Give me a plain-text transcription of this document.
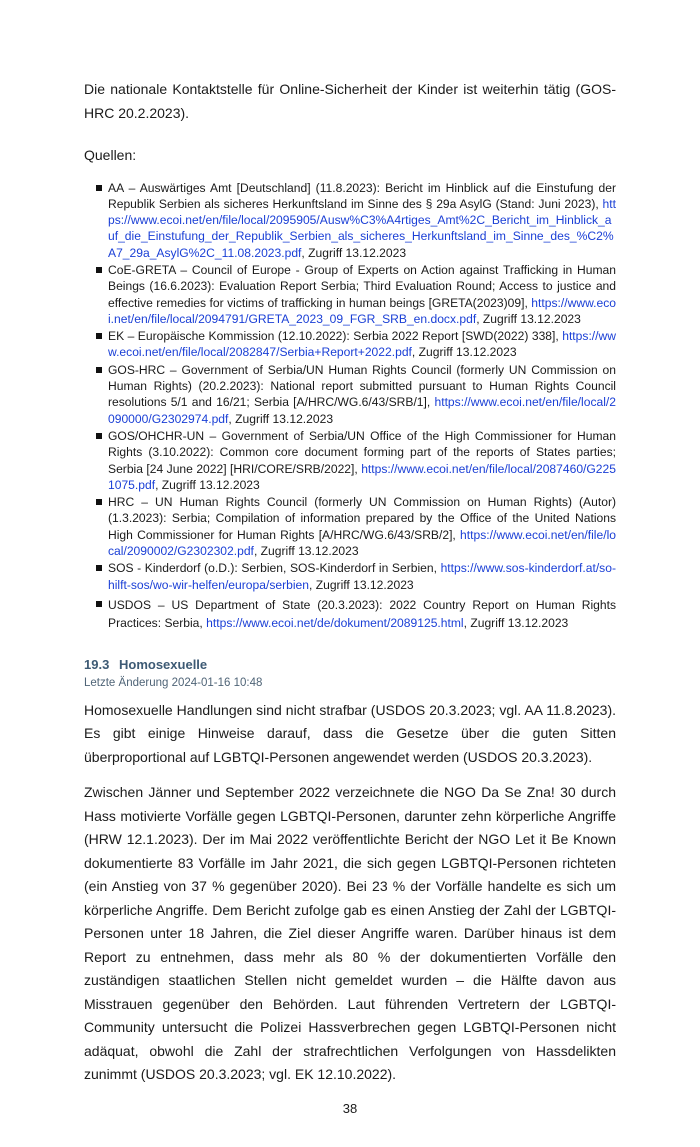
Die nationale Kontaktstelle für Online-Sicherheit der Kinder ist weiterhin tätig (GOS-HRC 20.2.2023).

Quellen:

AA – Auswärtiges Amt [Deutschland] (11.8.2023): Bericht im Hinblick auf die Einstufung der Republik Serbien als sicheres Herkunftsland im Sinne des § 29a AsylG (Stand: Juni 2023), https://www.ecoi.net/en/file/local/2095905/Ausw%C3%A4rtiges_Amt%2C_Bericht_im_Hinblick_auf_die_Einstufung_der_Republik_Serbien_als_sicheres_Herkunftsland_im_Sinne_des_%C2%A7_29a_AsylG%2C_11.08.2023.pdf, Zugriff 13.12.2023
CoE-GRETA – Council of Europe - Group of Experts on Action against Trafficking in Human Beings (16.6.2023): Evaluation Report Serbia; Third Evaluation Round; Access to justice and effective remedies for victims of trafficking in human beings [GRETA(2023)09], https://www.ecoi.net/en/file/local/2094791/GRETA_2023_09_FGR_SRB_en.docx.pdf, Zugriff 13.12.2023
EK – Europäische Kommission (12.10.2022): Serbia 2022 Report [SWD(2022) 338], https://www.ecoi.net/en/file/local/2082847/Serbia+Report+2022.pdf, Zugriff 13.12.2023
GOS-HRC – Government of Serbia/UN Human Rights Council (formerly UN Commission on Human Rights) (20.2.2023): National report submitted pursuant to Human Rights Council resolutions 5/1 and 16/21; Serbia [A/HRC/WG.6/43/SRB/1], https://www.ecoi.net/en/file/local/2090000/G2302974.pdf, Zugriff 13.12.2023
GOS/OHCHR-UN – Government of Serbia/UN Office of the High Commissioner for Human Rights (3.10.2022): Common core document forming part of the reports of States parties; Serbia [24 June 2022] [HRI/CORE/SRB/2022], https://www.ecoi.net/en/file/local/2087460/G2251075.pdf, Zugriff 13.12.2023
HRC – UN Human Rights Council (formerly UN Commission on Human Rights) (Autor) (1.3.2023): Serbia; Compilation of information prepared by the Office of the United Nations High Commissioner for Human Rights [A/HRC/WG.6/43/SRB/2], https://www.ecoi.net/en/file/local/2090002/G2302302.pdf, Zugriff 13.12.2023
SOS - Kinderdorf (o.D.): Serbien, SOS-Kinderdorf in Serbien, https://www.sos-kinderdorf.at/so-hilft-sos/wo-wir-helfen/europa/serbien, Zugriff 13.12.2023
USDOS – US Department of State (20.3.2023): 2022 Country Report on Human Rights Practices: Serbia, https://www.ecoi.net/de/dokument/2089125.html, Zugriff 13.12.2023
19.3 Homosexuelle
Letzte Änderung 2024-01-16 10:48

Homosexuelle Handlungen sind nicht strafbar (USDOS 20.3.2023; vgl. AA 11.8.2023). Es gibt einige Hinweise darauf, dass die Gesetze über die guten Sitten überproportional auf LGBTQI-Personen angewendet werden (USDOS 20.3.2023).

Zwischen Jänner und September 2022 verzeichnete die NGO Da Se Zna! 30 durch Hass motivierte Vorfälle gegen LGBTQI-Personen, darunter zehn körperliche Angriffe (HRW 12.1.2023). Der im Mai 2022 veröffentlichte Bericht der NGO Let it Be Known dokumentierte 83 Vorfälle im Jahr 2021, die sich gegen LGBTQI-Personen richteten (ein Anstieg von 37 % gegenüber 2020). Bei 23 % der Vorfälle handelte es sich um körperliche Angriffe. Dem Bericht zufolge gab es einen Anstieg der Zahl der LGBTQI-Personen unter 18 Jahren, die Ziel dieser Angriffe waren. Darüber hinaus ist dem Report zu entnehmen, dass mehr als 80 % der dokumentierten Vorfälle den zuständigen staatlichen Stellen nicht gemeldet wurden – die Hälfte davon aus Misstrauen gegenüber den Behörden. Laut führenden Vertretern der LGBTQI-Community untersucht die Polizei Hassverbrechen gegen LGBTQI-Personen nicht adäquat, obwohl die Zahl der strafrechtlichen Verfolgungen von Hassdelikten zunimmt (USDOS 20.3.2023; vgl. EK 12.10.2022).

38
